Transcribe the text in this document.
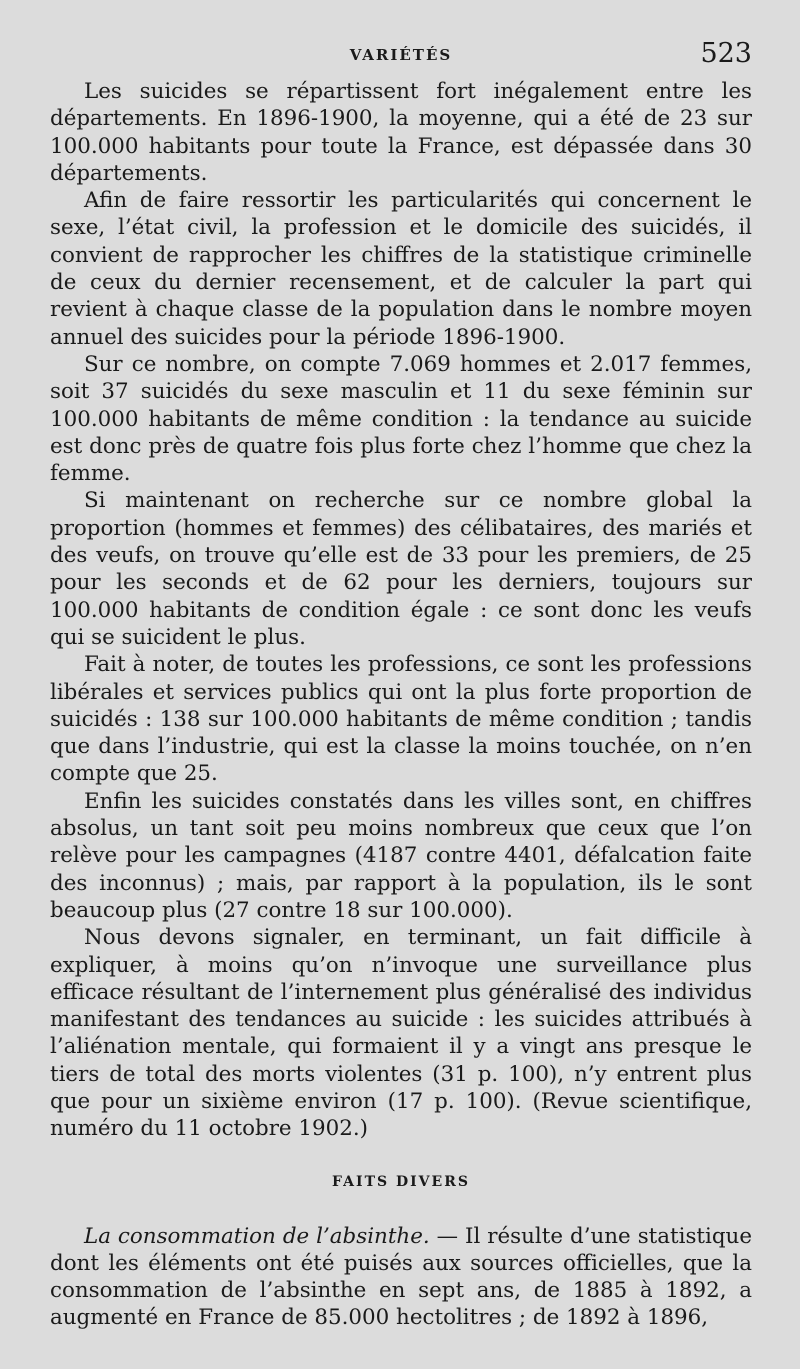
VARIÉTÉS	523

Les suicides se répartissent fort inégalement entre les départements. En 1896-1900, la moyenne, qui a été de 23 sur 100.000 habitants pour toute la France, est dépassée dans 30 départements.

Afin de faire ressortir les particularités qui concernent le sexe, l’état civil, la profession et le domicile des suicidés, il convient de rapprocher les chiffres de la statistique criminelle de ceux du dernier recensement, et de calculer la part qui revient à chaque classe de la population dans le nombre moyen annuel des suicides pour la période 1896-1900.

Sur ce nombre, on compte 7.069 hommes et 2.017 femmes, soit 37 suicidés du sexe masculin et 11 du sexe féminin sur 100.000 habitants de même condition : la tendance au suicide est donc près de quatre fois plus forte chez l’homme que chez la femme.

Si maintenant on recherche sur ce nombre global la proportion (hommes et femmes) des célibataires, des mariés et des veufs, on trouve qu’elle est de 33 pour les premiers, de 25 pour les seconds et de 62 pour les derniers, toujours sur 100.000 habitants de condition égale : ce sont donc les veufs qui se suicident le plus.

Fait à noter, de toutes les professions, ce sont les professions libérales et services publics qui ont la plus forte proportion de suicidés : 138 sur 100.000 habitants de même condition ; tandis que dans l’industrie, qui est la classe la moins touchée, on n’en compte que 25.

Enfin les suicides constatés dans les villes sont, en chiffres absolus, un tant soit peu moins nombreux que ceux que l’on relève pour les campagnes (4187 contre 4401, défalcation faite des inconnus) ; mais, par rapport à la population, ils le sont beaucoup plus (27 contre 18 sur 100.000).

Nous devons signaler, en terminant, un fait difficile à expliquer, à moins qu’on n’invoque une surveillance plus efficace résultant de l’internement plus généralisé des individus manifestant des tendances au suicide : les suicides attribués à l’aliénation mentale, qui formaient il y a vingt ans presque le tiers de total des morts violentes (31 p. 100), n’y entrent plus que pour un sixième environ (17 p. 100). (Revue scientifique, numéro du 11 octobre 1902.)

FAITS DIVERS

La consommation de l’absinthe. — Il résulte d’une statistique dont les éléments ont été puisés aux sources officielles, que la consommation de l’absinthe en sept ans, de 1885 à 1892, a augmenté en France de 85.000 hectolitres ; de 1892 à 1896,
